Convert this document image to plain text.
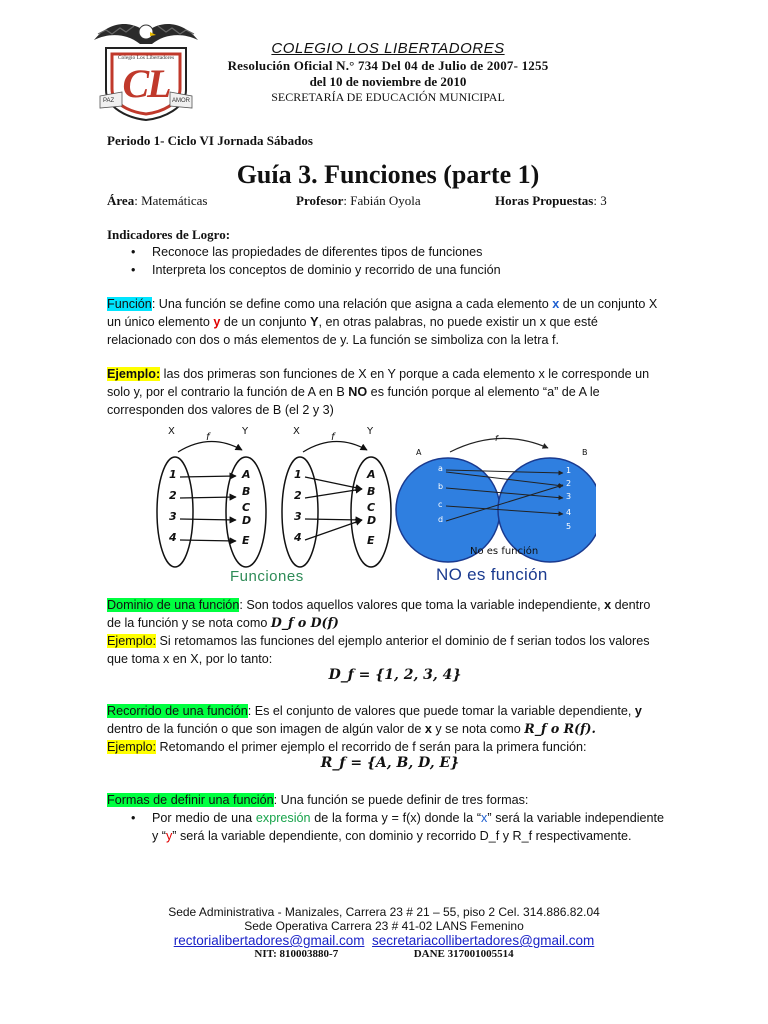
Colegio Los Libertadores
CL
PAZ	AMOR
COLEGIO LOS LIBERTADORES
Resolución Oficial N.° 734 Del 04 de Julio de 2007- 1255
del 10 de noviembre de 2010
SECRETARÍA DE EDUCACIÓN MUNICIPAL
Periodo 1- Ciclo VI Jornada Sábados
Guía 3. Funciones (parte 1)
Área: Matemáticas	Profesor: Fabián Oyola	Horas Propuestas: 3
Indicadores de Logro:
• Reconoce las propiedades de diferentes tipos de funciones
• Interpreta los conceptos de dominio y recorrido de una función
Función: Una función se define como una relación que asigna a cada elemento x de un conjunto X un único elemento y de un conjunto Y, en otras palabras, no puede existir un x que esté relacionado con dos o más elementos de y. La función se simboliza con la letra f.
Ejemplo: las dos primeras son funciones de X en Y porque a cada elemento x le corresponde un solo y, por el contrario la función de A en B NO es función porque al elemento “a” de A le corresponden dos valores de B (el 2 y 3)
X	Y
f
X	Y
f
1
2
3
4
A
B
C
D
E
1
2
3
4
A
B
C
D
E
A	B
f
a
b
c
d
1
2
3
4
5
No es función
Funciones	NO es función
Dominio de una función: Son todos aquellos valores que toma la variable independiente, x dentro de la función y se nota como D_f o D(f)
Ejemplo: Si retomamos las funciones del ejemplo anterior el dominio de f serian todos los valores que toma x en X, por lo tanto:
D_f = {1, 2, 3, 4}
Recorrido de una función: Es el conjunto de valores que puede tomar la variable dependiente, y dentro de la función o que son imagen de algún valor de x y se nota como R_f o R(f).
Ejemplo: Retomando el primer ejemplo el recorrido de f serán para la primera función:
R_f = {A, B, D, E}
Formas de definir una función: Una función se puede definir de tres formas:
• Por medio de una expresión de la forma y = f(x) donde la “x” será la variable independiente y “y” será la variable dependiente, con dominio y recorrido D_f y R_f respectivamente.
Sede Administrativa - Manizales, Carrera 23 # 21 – 55, piso 2 Cel. 314.886.82.04
Sede Operativa Carrera 23 # 41-02 LANS Femenino
rectorialibertadores@gmail.com secretariacollibertadores@gmail.com
NIT: 810003880-7	DANE 317001005514
